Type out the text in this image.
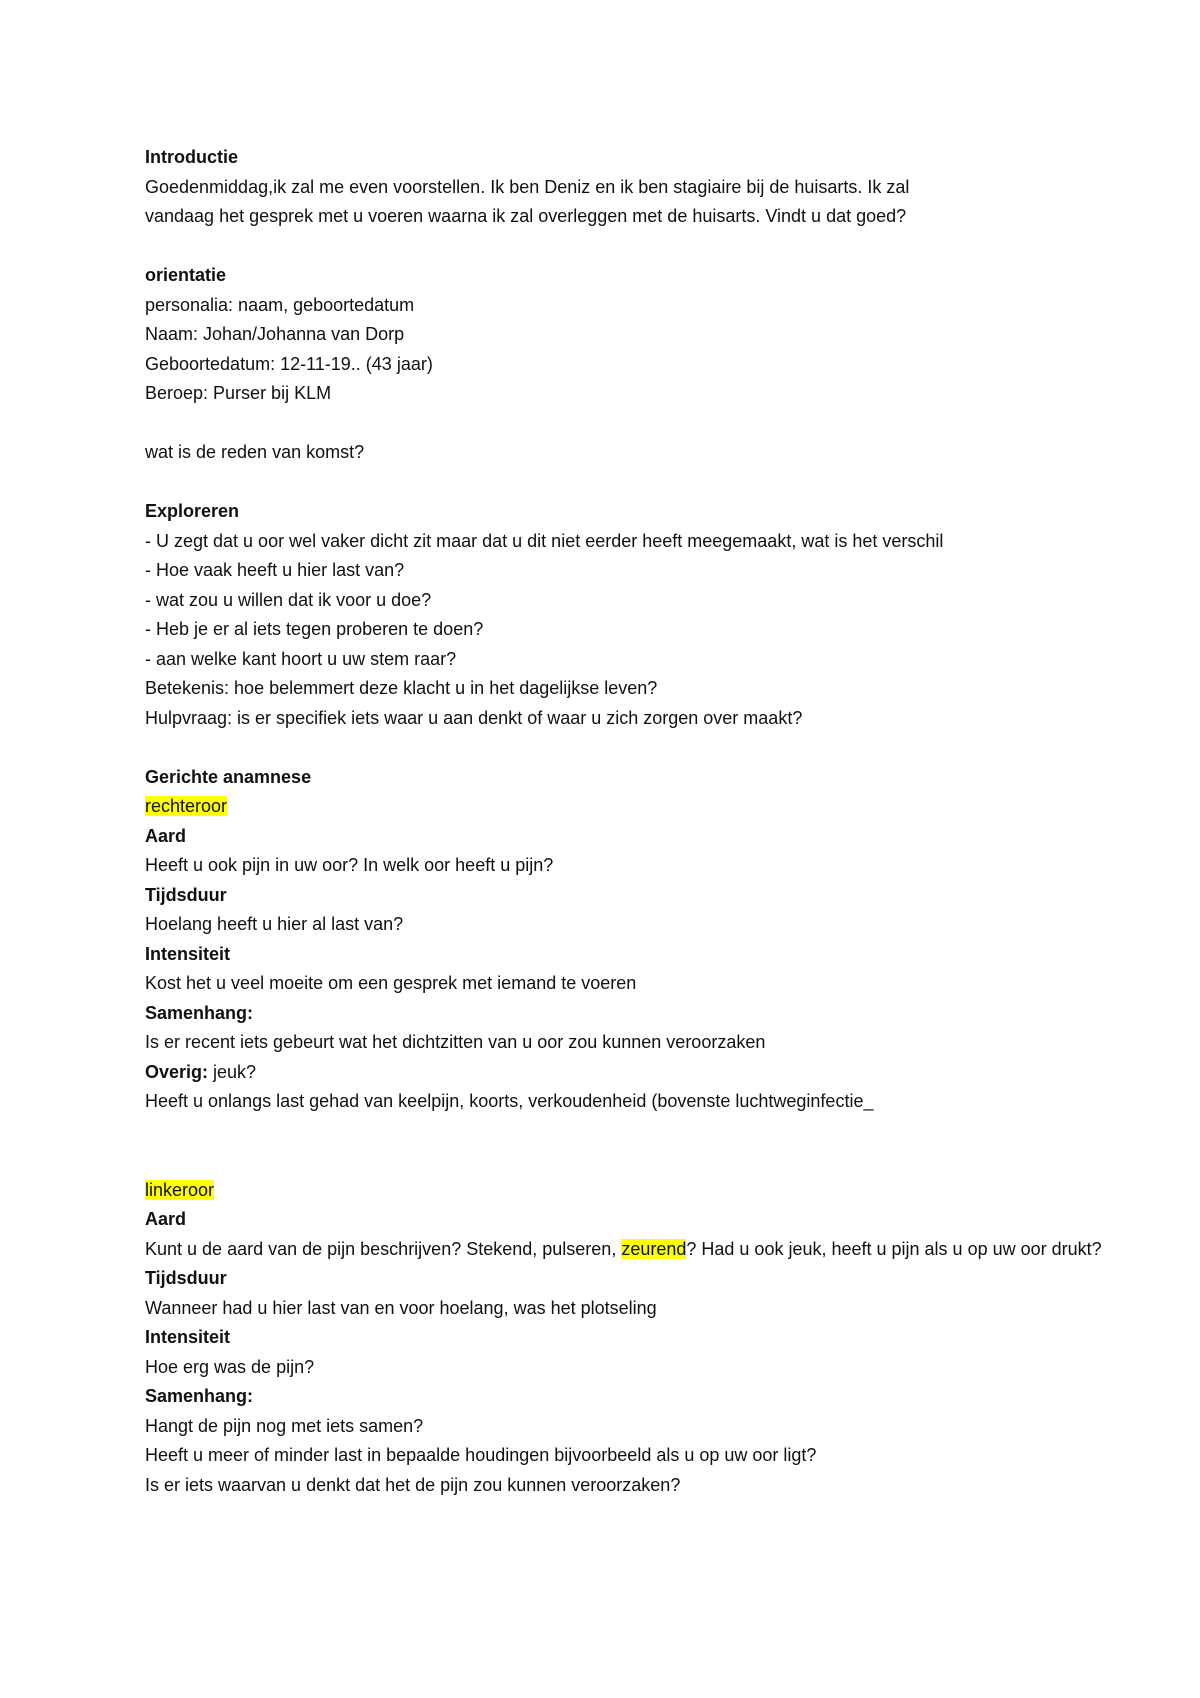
Introductie

Goedenmiddag,ik zal me even voorstellen. Ik ben Deniz en ik ben stagiaire bij de huisarts. Ik zal

vandaag het gesprek met u voeren waarna ik zal overleggen met de huisarts. Vindt u dat goed?

orientatie

personalia: naam, geboortedatum

Naam: Johan/Johanna van Dorp

Geboortedatum: 12-11-19.. (43 jaar)

Beroep: Purser bij KLM

wat is de reden van komst?

Exploreren

- U zegt dat u oor wel vaker dicht zit maar dat u dit niet eerder heeft meegemaakt, wat is het verschil

- Hoe vaak heeft u hier last van?

- wat zou u willen dat ik voor u doe?

- Heb je er al iets tegen proberen te doen?

- aan welke kant hoort u uw stem raar?

Betekenis: hoe belemmert deze klacht u in het dagelijkse leven?

Hulpvraag: is er specifiek iets waar u aan denkt of waar u zich zorgen over maakt?

Gerichte anamnese

rechteroor

Aard

Heeft u ook pijn in uw oor? In welk oor heeft u pijn?

Tijdsduur

Hoelang heeft u hier al last van?

Intensiteit

Kost het u veel moeite om een gesprek met iemand te voeren

Samenhang:

Is er recent iets gebeurt wat het dichtzitten van u oor zou kunnen veroorzaken

Overig: jeuk?

Heeft u onlangs last gehad van keelpijn, koorts, verkoudenheid (bovenste luchtweginfectie_

linkeroor

Aard

Kunt u de aard van de pijn beschrijven? Stekend, pulseren, zeurend? Had u ook jeuk, heeft u pijn als u op uw oor drukt?

Tijdsduur

Wanneer had u hier last van en voor hoelang, was het plotseling

Intensiteit

Hoe erg was de pijn?

Samenhang:

Hangt de pijn nog met iets samen?

Heeft u meer of minder last in bepaalde houdingen bijvoorbeeld als u op uw oor ligt?

Is er iets waarvan u denkt dat het de pijn zou kunnen veroorzaken?
